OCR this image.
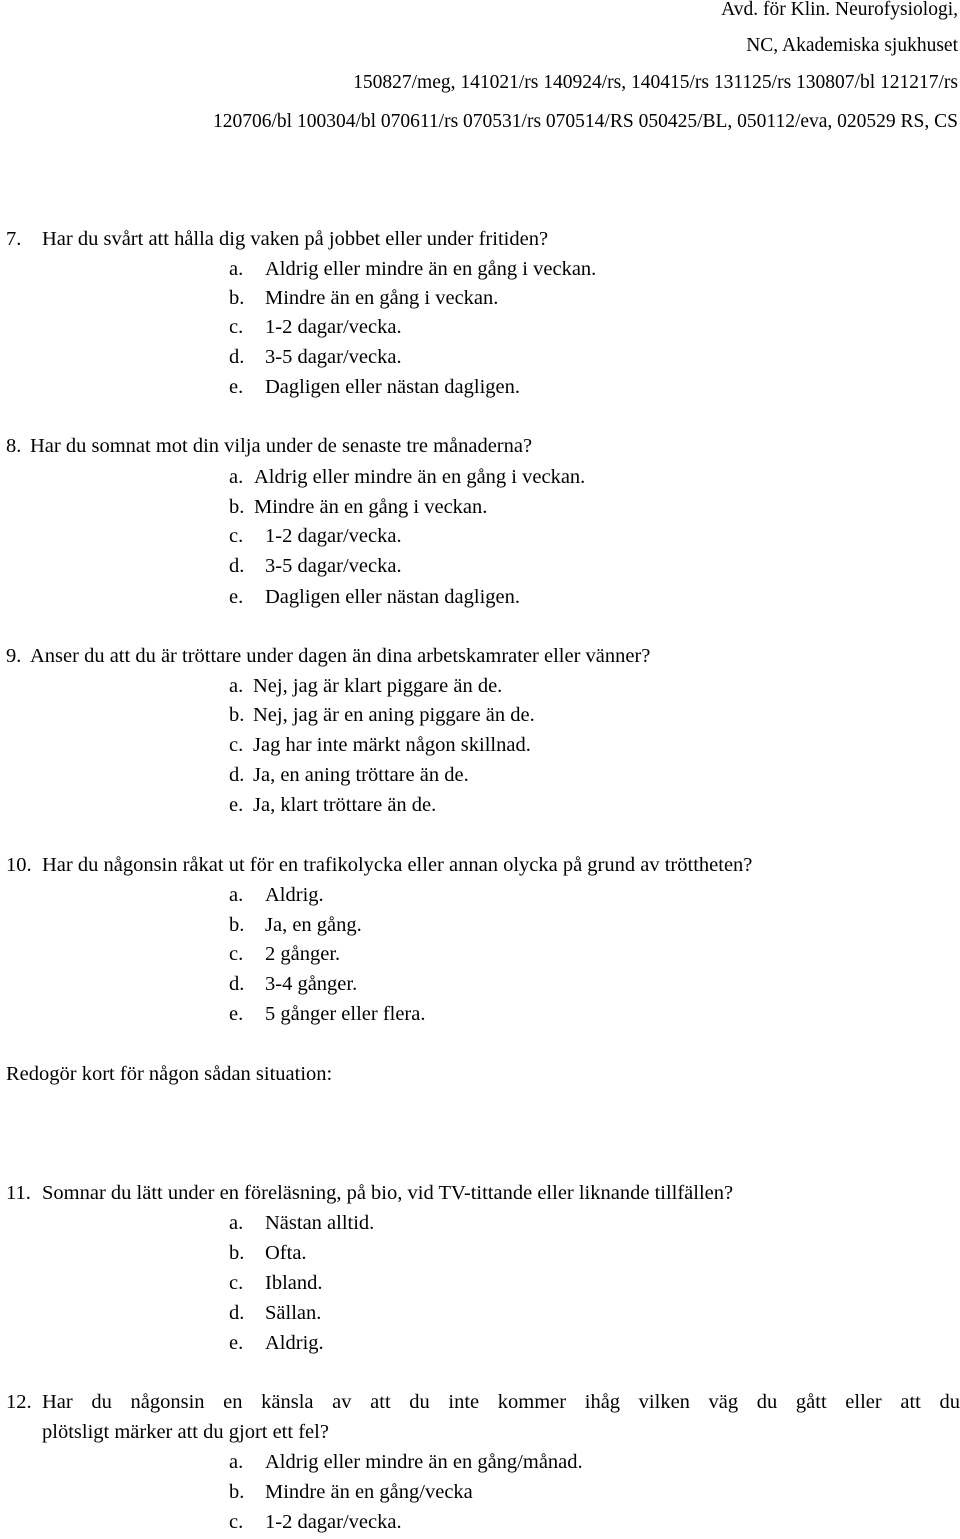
Avd. för Klin. Neurofysiologi,
NC, Akademiska sjukhuset
150827/meg, 141021/rs 140924/rs, 140415/rs 131125/rs 130807/bl 121217/rs
120706/bl 100304/bl 070611/rs 070531/rs 070514/RS 050425/BL, 050112/eva, 020529 RS, CS
7. Har du svårt att hålla dig vaken på jobbet eller under fritiden?
a. Aldrig eller mindre än en gång i veckan.
b. Mindre än en gång i veckan.
c. 1-2 dagar/vecka.
d. 3-5 dagar/vecka.
e. Dagligen eller nästan dagligen.
8. Har du somnat mot din vilja under de senaste tre månaderna?
a. Aldrig eller mindre än en gång i veckan.
b. Mindre än en gång i veckan.
c. 1-2 dagar/vecka.
d. 3-5 dagar/vecka.
e. Dagligen eller nästan dagligen.
9. Anser du att du är tröttare under dagen än dina arbetskamrater eller vänner?
a. Nej, jag är klart piggare än de.
b. Nej, jag är en aning piggare än de.
c. Jag har inte märkt någon skillnad.
d. Ja, en aning tröttare än de.
e. Ja, klart tröttare än de.
10. Har du någonsin råkat ut för en trafikolycka eller annan olycka på grund av tröttheten?
a. Aldrig.
b. Ja, en gång.
c. 2 gånger.
d. 3-4 gånger.
e. 5 gånger eller flera.
Redogör kort för någon sådan situation:
11. Somnar du lätt under en föreläsning, på bio, vid TV-tittande eller liknande tillfällen?
a. Nästan alltid.
b. Ofta.
c. Ibland.
d. Sällan.
e. Aldrig.
12. Har du någonsin en känsla av att du inte kommer ihåg vilken väg du gått eller att du
plötsligt märker att du gjort ett fel?
a. Aldrig eller mindre än en gång/månad.
b. Mindre än en gång/vecka
c. 1-2 dagar/vecka.
